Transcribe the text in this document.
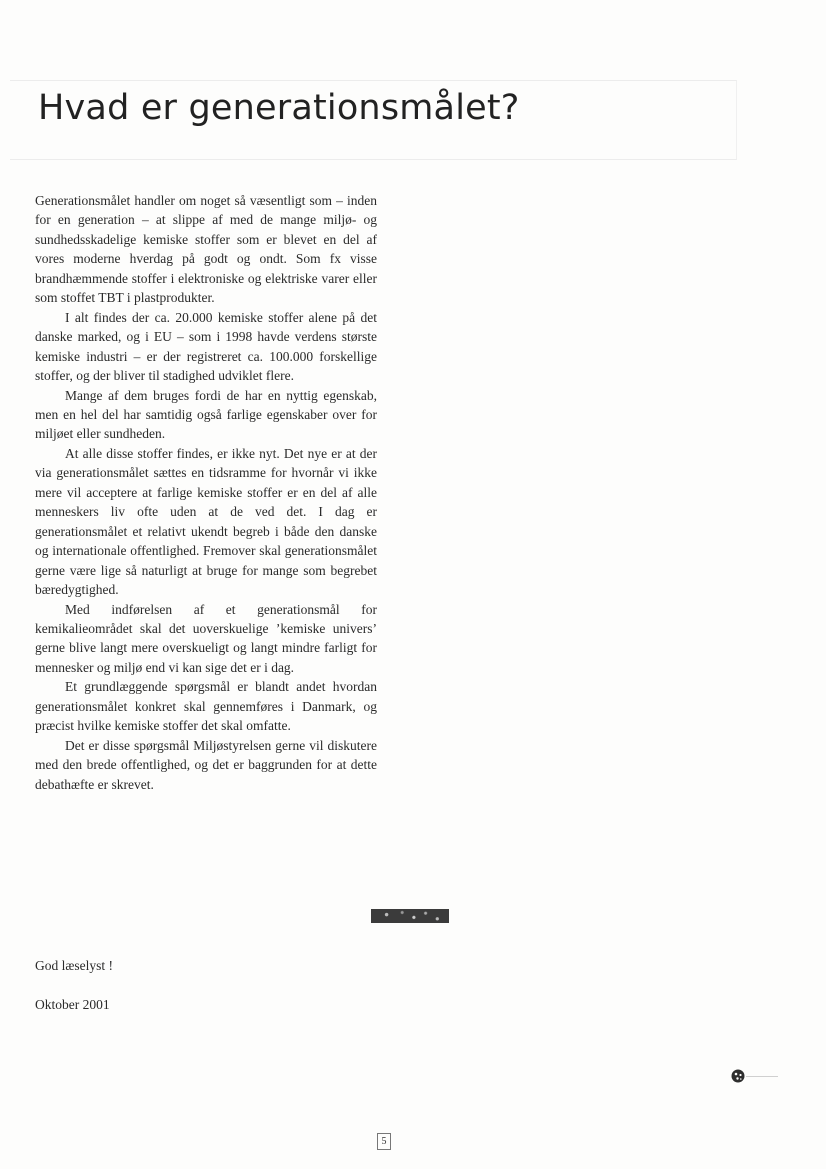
Hvad er generationsmålet?

Generationsmålet handler om noget så væsentligt som – inden for en generation – at slippe af med de mange miljø- og sundhedsskadelige kemiske stoffer som er blevet en del af vores moderne hverdag på godt og ondt. Som fx visse brandhæmmende stoffer i elektroniske og elektriske varer eller som stoffet TBT i plastprodukter.

I alt findes der ca. 20.000 kemiske stoffer alene på det danske marked, og i EU – som i 1998 havde verdens største kemiske industri – er der registreret ca. 100.000 forskellige stoffer, og der bliver til stadighed udviklet flere.

Mange af dem bruges fordi de har en nyttig egenskab, men en hel del har samtidig også farlige egenskaber over for miljøet eller sundheden.

At alle disse stoffer findes, er ikke nyt. Det nye er at der via generationsmålet sættes en tidsramme for hvornår vi ikke mere vil acceptere at farlige kemiske stoffer er en del af alle menneskers liv ofte uden at de ved det. I dag er generationsmålet et relativt ukendt begreb i både den danske og internationale offentlighed. Fremover skal generationsmålet gerne være lige så naturligt at bruge for mange som begrebet bæredygtighed.

Med indførelsen af et generationsmål for kemikalieområdet skal det uoverskuelige ’kemiske univers’ gerne blive langt mere overskueligt og langt mindre farligt for mennesker og miljø end vi kan sige det er i dag.

Et grundlæggende spørgsmål er blandt andet hvordan generationsmålet konkret skal gennemføres i Danmark, og præcist hvilke kemiske stoffer det skal omfatte.

Det er disse spørgsmål Miljøstyrelsen gerne vil diskutere med den brede offentlighed, og det er baggrunden for at dette debathæfte er skrevet.

God læselyst !

Oktober 2001

5
